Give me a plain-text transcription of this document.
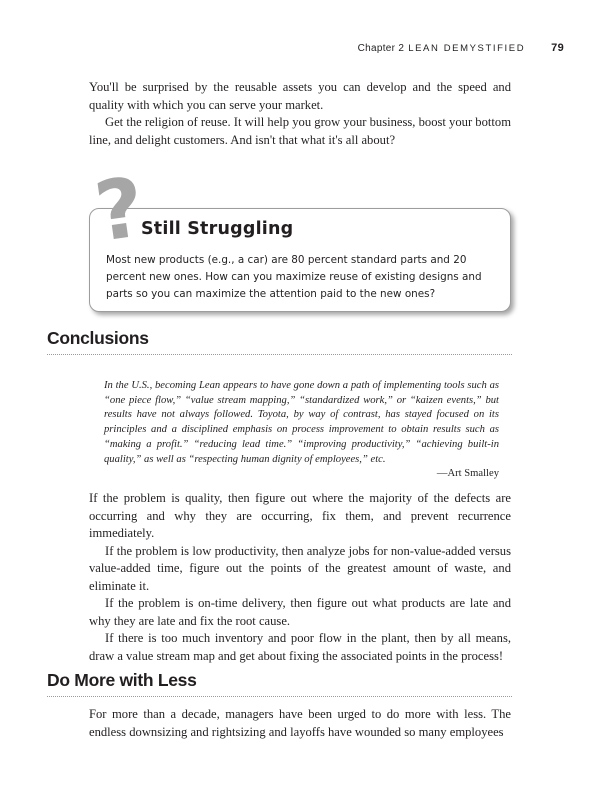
Chapter 2 LEAN DEMYSTIFIED 79

You'll be surprised by the reusable assets you can develop and the speed and quality with which you can serve your market.

Get the religion of reuse. It will help you grow your business, boost your bottom line, and delight customers. And isn't that what it's all about?

Still Struggling
Most new products (e.g., a car) are 80 percent standard parts and 20 percent new ones. How can you maximize reuse of existing designs and parts so you can maximize the attention paid to the new ones?
?
Conclusions
In the U.S., becoming Lean appears to have gone down a path of implementing tools such as “one piece flow,” “value stream mapping,” “standardized work,” or “kaizen events,” but results have not always followed. Toyota, by way of contrast, has stayed focused on its principles and a disciplined emphasis on process improvement to obtain results such as “making a profit.” “reducing lead time.” “improving productivity,” “achieving built-in quality,” as well as “respecting human dignity of employees,” etc.
—Art Smalley

If the problem is quality, then figure out where the majority of the defects are occurring and why they are occurring, fix them, and prevent recurrence immediately.

If the problem is low productivity, then analyze jobs for non-value-added versus value-added time, figure out the points of the greatest amount of waste, and eliminate it.

If the problem is on-time delivery, then figure out what products are late and why they are late and fix the root cause.

If there is too much inventory and poor flow in the plant, then by all means, draw a value stream map and get about fixing the associated points in the process!

Do More with Less

For more than a decade, managers have been urged to do more with less. The endless downsizing and rightsizing and layoffs have wounded so many employees
